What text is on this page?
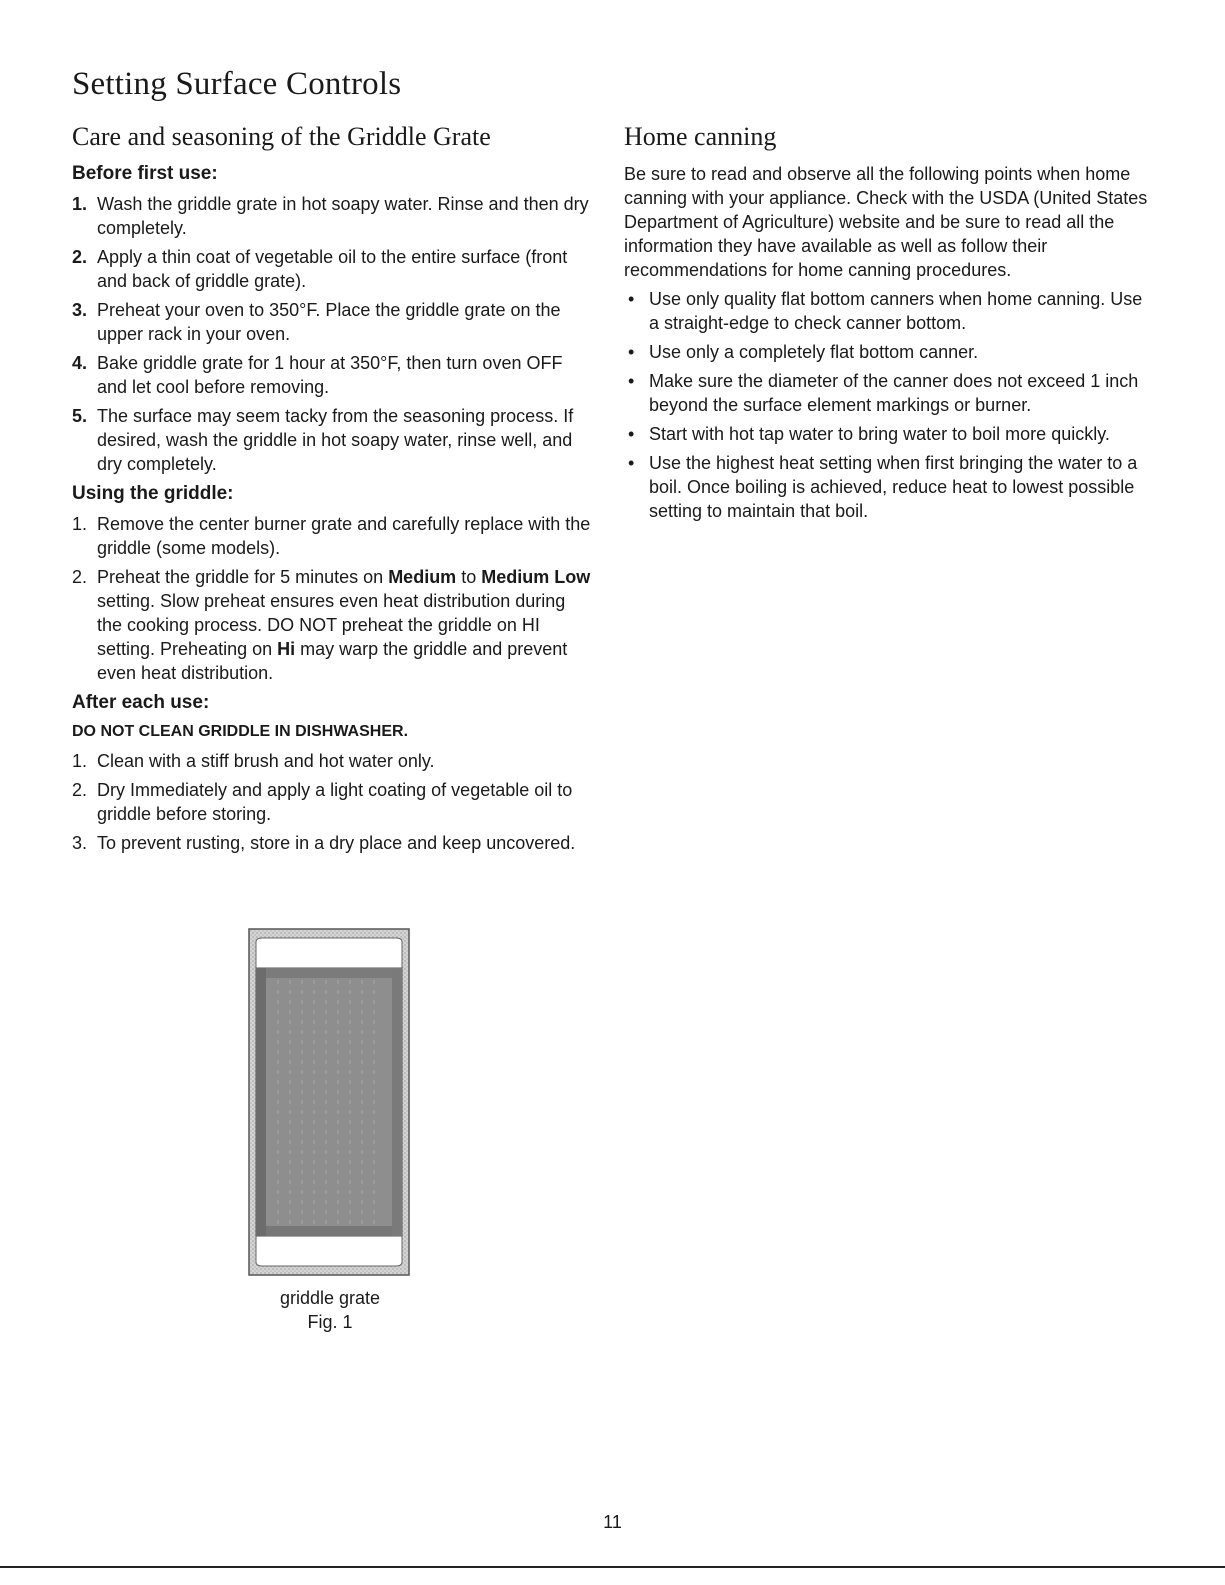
Setting Surface Controls
Care and seasoning of the Griddle Grate
Before first use:
1. Wash the griddle grate in hot soapy water. Rinse and then dry completely.
2. Apply a thin coat of vegetable oil to the entire surface (front and back of griddle grate).
3. Preheat your oven to 350°F. Place the griddle grate on the upper rack in your oven.
4. Bake griddle grate for 1 hour at 350°F, then turn oven OFF and let cool before removing.
5. The surface may seem tacky from the seasoning process. If desired, wash the griddle in hot soapy water, rinse well, and dry completely.
Using the griddle:
1. Remove the center burner grate and carefully replace with the griddle (some models).
2. Preheat the griddle for 5 minutes on Medium to Medium Low setting. Slow preheat ensures even heat distribution during the cooking process. DO NOT preheat the griddle on HI setting. Preheating on Hi may warp the griddle and prevent even heat distribution.
After each use:
DO NOT CLEAN GRIDDLE IN DISHWASHER.
1. Clean with a stiff brush and hot water only.
2. Dry Immediately and apply a light coating of vegetable oil to griddle before storing.
3. To prevent rusting, store in a dry place and keep uncovered.
griddle grate
Fig. 1
Home canning

Be sure to read and observe all the following points when home canning with your appliance. Check with the USDA (United States Department of Agriculture) website and be sure to read all the information they have available as well as follow their recommendations for home canning procedures.

• Use only quality flat bottom canners when home canning. Use a straight-edge to check canner bottom.
• Use only a completely flat bottom canner.
• Make sure the diameter of the canner does not exceed 1 inch beyond the surface element markings or burner.
• Start with hot tap water to bring water to boil more quickly.
• Use the highest heat setting when first bringing the water to a boil. Once boiling is achieved, reduce heat to lowest possible setting to maintain that boil.
11
